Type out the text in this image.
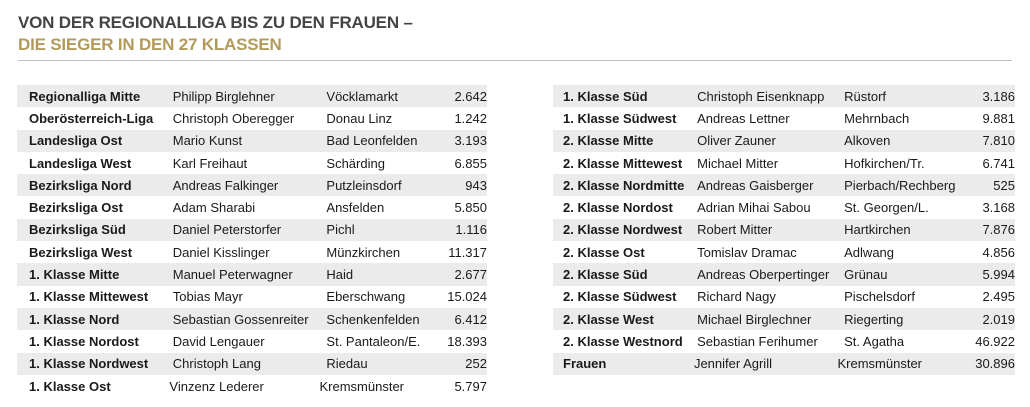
VON DER REGIONALLIGA BIS ZU DEN FRAUEN –
DIE SIEGER IN DEN 27 KLASSEN
Regionalliga Mitte	Philipp Birglehner	Vöcklamarkt	2.642
Oberösterreich-Liga	Christoph Oberegger	Donau Linz	1.242
Landesliga Ost	Mario Kunst	Bad Leonfelden	3.193
Landesliga West	Karl Freihaut	Schärding	6.855
Bezirksliga Nord	Andreas Falkinger	Putzleinsdorf	943
Bezirksliga Ost	Adam Sharabi	Ansfelden	5.850
Bezirksliga Süd	Daniel Peterstorfer	Pichl	1.116
Bezirksliga West	Daniel Kisslinger	Münzkirchen	11.317
1. Klasse Mitte	Manuel Peterwagner	Haid	2.677
1. Klasse Mittewest	Tobias Mayr	Eberschwang	15.024
1. Klasse Nord	Sebastian Gossenreiter	Schenkenfelden	6.412
1. Klasse Nordost	David Lengauer	St. Pantaleon/E.	18.393
1. Klasse Nordwest	Christoph Lang	Riedau	252
1. Klasse Ost	Vinzenz Lederer	Kremsmünster	5.797
1. Klasse Süd	Christoph Eisenknapp	Rüstorf	3.186
1. Klasse Südwest	Andreas Lettner	Mehrnbach	9.881
2. Klasse Mitte	Oliver Zauner	Alkoven	7.810
2. Klasse Mittewest	Michael Mitter	Hofkirchen/Tr.	6.741
2. Klasse Nordmitte Andreas Gaisberger	Pierbach/Rechberg	525
2. Klasse Nordost	Adrian Mihai Sabou	St. Georgen/L.	3.168
2. Klasse Nordwest	Robert Mitter	Hartkirchen	7.876
2. Klasse Ost	Tomislav Dramac	Adlwang	4.856
2. Klasse Süd	Andreas Oberpertinger	Grünau	5.994
2. Klasse Südwest	Richard Nagy	Pischelsdorf	2.495
2. Klasse West	Michael Birglechner	Riegerting	2.019
2. Klasse Westnord	Sebastian Ferihumer	St. Agatha	46.922
Frauen	Jennifer Agrill	Kremsmünster	30.896
